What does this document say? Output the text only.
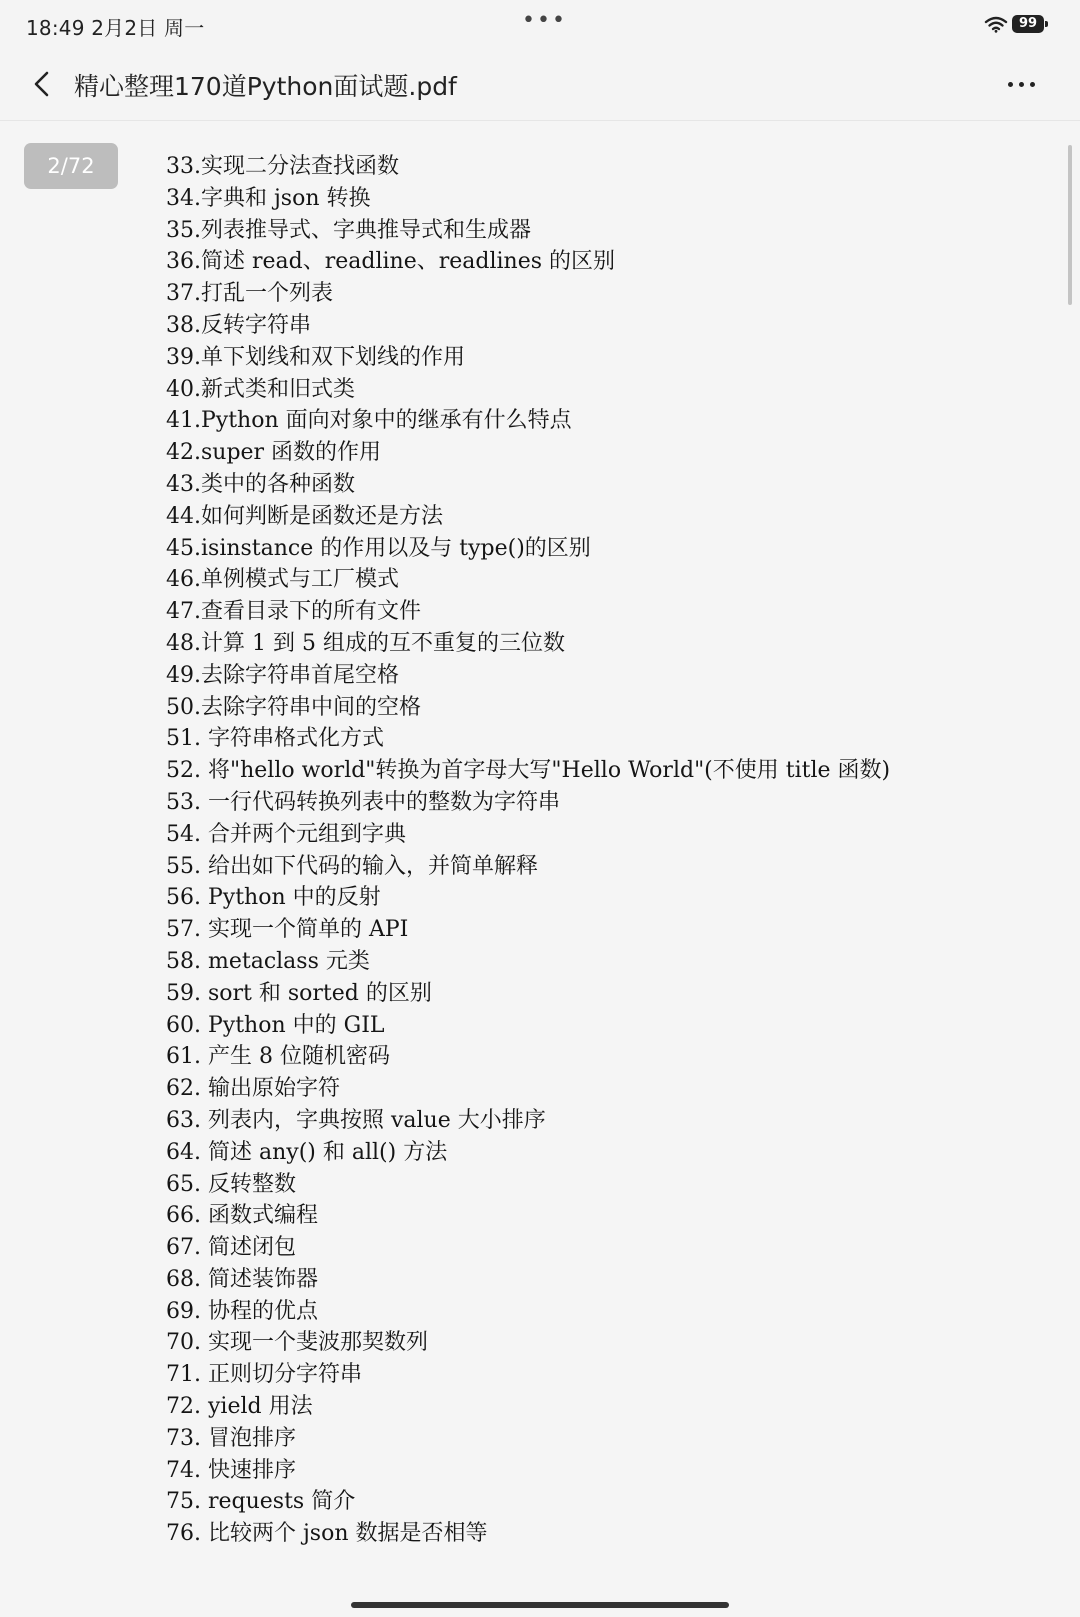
18:49 2月2日 周一	•••	99
精心整理170道Python面试题.pdf
2/72	33.实现二分法查找函数
34.字典和 json 转换
35.列表推导式、字典推导式和生成器
36.简述 read、readline、readlines 的区别
37.打乱一个列表
38.反转字符串
39.单下划线和双下划线的作用
40.新式类和旧式类
41.Python 面向对象中的继承有什么特点
42.super 函数的作用
43.类中的各种函数
44.如何判断是函数还是方法
45.isinstance 的作用以及与 type()的区别
46.单例模式与工厂模式
47.查看目录下的所有文件
48.计算 1 到 5 组成的互不重复的三位数
49.去除字符串首尾空格
50.去除字符串中间的空格
51. 字符串格式化方式
52. 将"hello world"转换为首字母大写"Hello World"(不使用 title 函数)
53. 一行代码转换列表中的整数为字符串
54. 合并两个元组到字典
55. 给出如下代码的输入，并简单解释
56. Python 中的反射
57. 实现一个简单的 API
58. metaclass 元类
59. sort 和 sorted 的区别
60. Python 中的 GIL
61. 产生 8 位随机密码
62. 输出原始字符
63. 列表内，字典按照 value 大小排序
64. 简述 any() 和 all() 方法
65. 反转整数
66. 函数式编程
67. 简述闭包
68. 简述装饰器
69. 协程的优点
70. 实现一个斐波那契数列
71. 正则切分字符串
72. yield 用法
73. 冒泡排序
74. 快速排序
75. requests 简介
76. 比较两个 json 数据是否相等
